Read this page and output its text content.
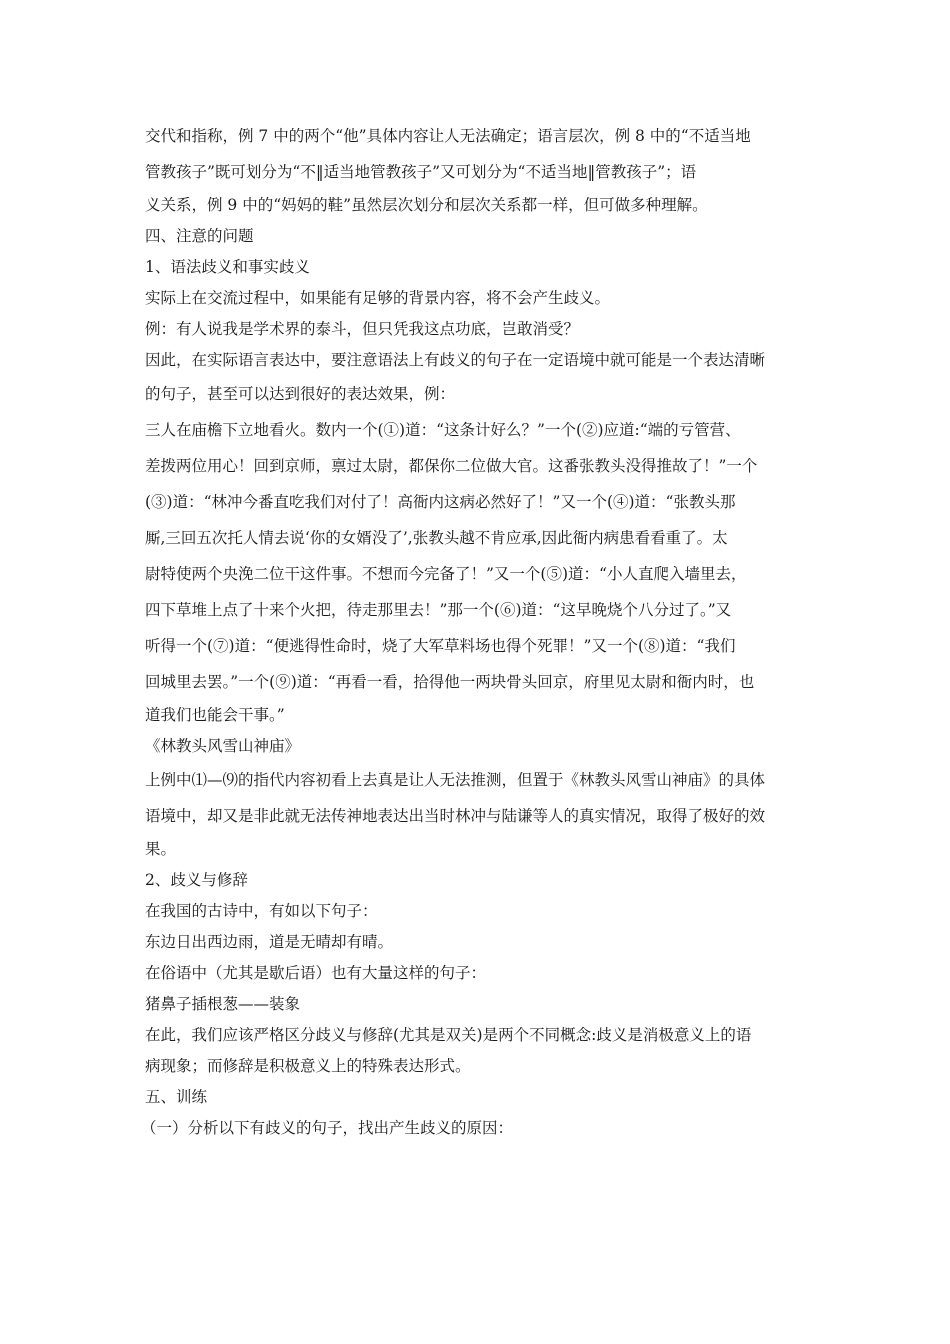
交代和指称，例 7 中的两个“他”具体内容让人无法确定；语言层次，例 8 中的“不适当地
管教孩子”既可划分为“不‖适当地管教孩子”又可划分为“不适当地‖管教孩子”；语
义关系，例 9 中的“妈妈的鞋”虽然层次划分和层次关系都一样，但可做多种理解。
四、注意的问题
1、语法歧义和事实歧义
实际上在交流过程中，如果能有足够的背景内容，将不会产生歧义。
例：有人说我是学术界的泰斗，但只凭我这点功底，岂敢消受？
因此，在实际语言表达中，要注意语法上有歧义的句子在一定语境中就可能是一个表达清晰
的句子，甚至可以达到很好的表达效果，例：
三人在庙檐下立地看火。数内一个(①)道：“这条计好么？”一个(②)应道:“端的亏管营、
差拨两位用心！回到京师，禀过太尉，都保你二位做大官。这番张教头没得推故了！”一个
(③)道：“林冲今番直吃我们对付了！高衙内这病必然好了！”又一个(④)道：“张教头那
厮,三回五次托人情去说‘你的女婿没了’,张教头越不肯应承,因此衙内病患看看重了。太
尉特使两个央浼二位干这件事。不想而今完备了！”又一个(⑤)道：“小人直爬入墙里去，
四下草堆上点了十来个火把，待走那里去！”那一个(⑥)道：“这早晚烧个八分过了。”又
听得一个(⑦)道：“便逃得性命时，烧了大军草料场也得个死罪！”又一个(⑧)道：“我们
回城里去罢。”一个(⑨)道：“再看一看，拾得他一两块骨头回京，府里见太尉和衙内时，也
道我们也能会干事。”
《林教头风雪山神庙》
上例中⑴—⑼的指代内容初看上去真是让人无法推测，但置于《林教头风雪山神庙》的具体
语境中，却又是非此就无法传神地表达出当时林冲与陆谦等人的真实情况，取得了极好的效
果。
2、歧义与修辞
在我国的古诗中，有如以下句子：
东边日出西边雨，道是无晴却有晴。
在俗语中（尤其是歇后语）也有大量这样的句子：
猪鼻子插根葱——装象
在此，我们应该严格区分歧义与修辞(尤其是双关)是两个不同概念:歧义是消极意义上的语
病现象；而修辞是积极意义上的特殊表达形式。
五、训练
（一）分析以下有歧义的句子，找出产生歧义的原因：
